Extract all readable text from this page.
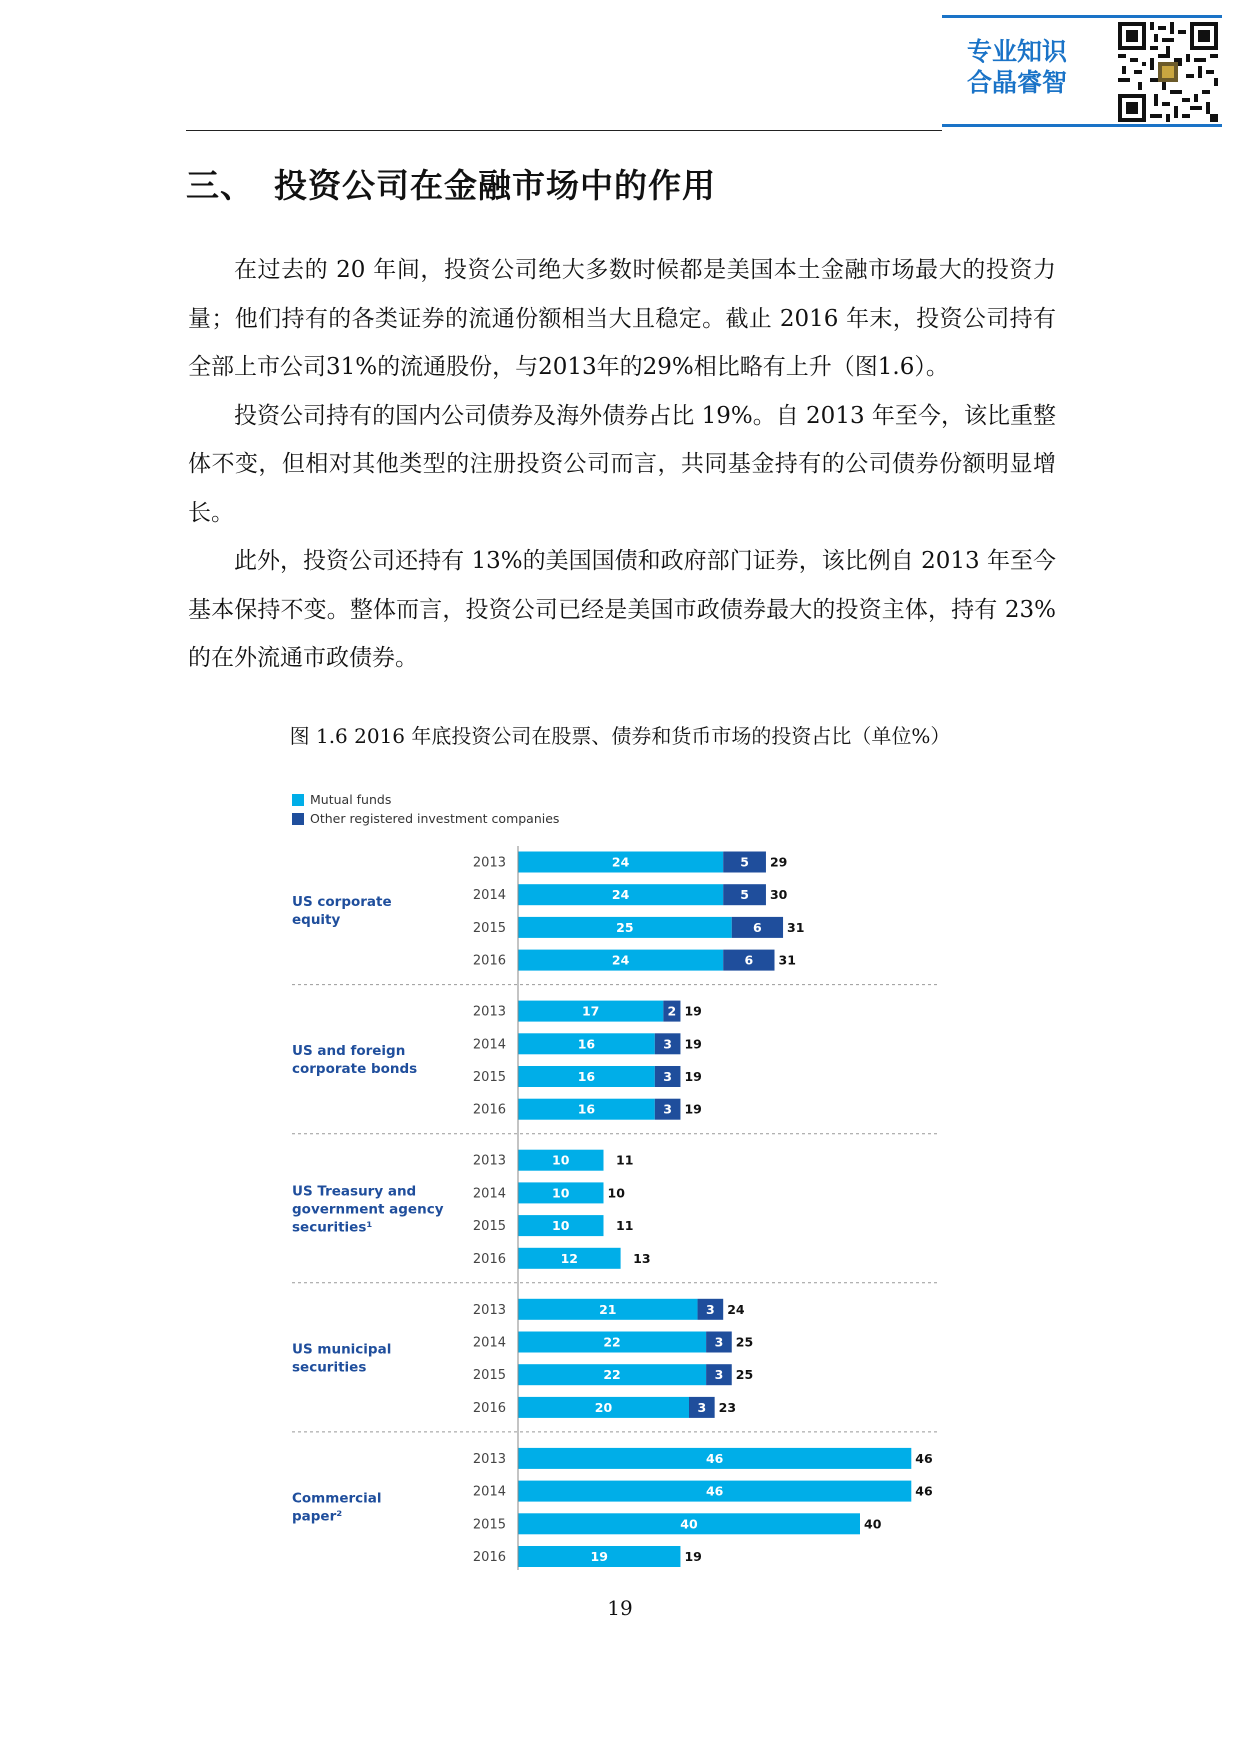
专业知识
合晶睿智
三、 投资公司在金融市场中的作用

在过去的 20 年间，投资公司绝大多数时候都是美国本土金融市场最大的投资力量；他们持有的各类证券的流通份额相当大且稳定。截止 2016 年末，投资公司持有全部上市公司31%的流通股份，与2013年的29%相比略有上升（图1.6）。

投资公司持有的国内公司债券及海外债券占比 19%。自 2013 年至今，该比重整体不变，但相对其他类型的注册投资公司而言，共同基金持有的公司债券份额明显增长。

此外，投资公司还持有 13%的美国国债和政府部门证券，该比例自 2013 年至今基本保持不变。整体而言，投资公司已经是美国市政债券最大的投资主体，持有 23%的在外流通市政债券。

图 1.6 2016 年底投资公司在股票、债券和货币市场的投资占比（单位%）
Mutual funds
Other registered investment companies
2013	24	5 29
2014	24	5 30
2015	25	6 31
2016	24	6 31
US corporate
equity
2013	17	2 19
2014	16	3 19
2015	16	3 19
2016	16	3 19
US and foreign
corporate bonds
2013	10	11
2014	10	10
2015	10	11
2016	12	13
US Treasury and
government agency
securities¹
2013	21	3 24
2014	22	3 25
2015	22	3 25
2016	20	3 23
US municipal
securities
2013	46	46
2014	46	46
2015	40	40
2016	19	19
Commercial
paper²
19
